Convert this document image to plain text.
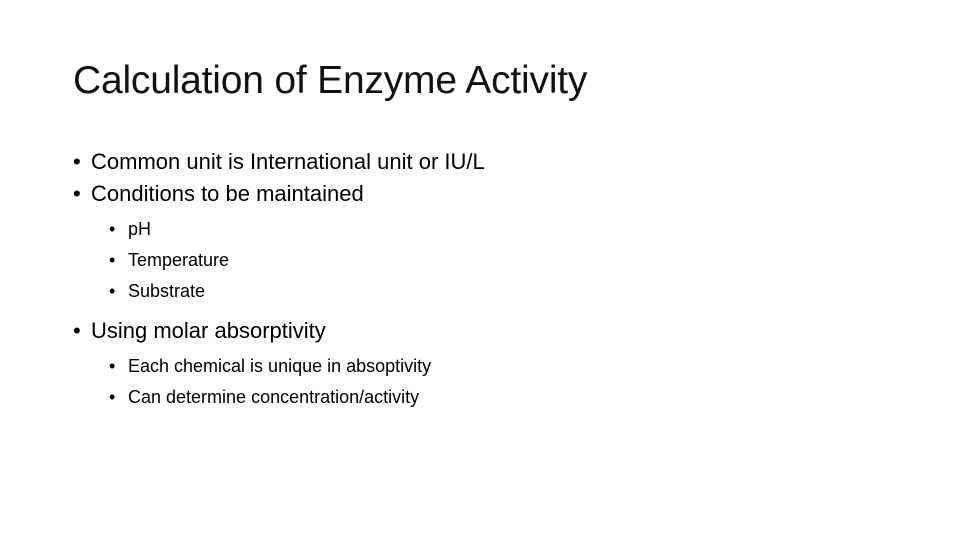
Calculation of Enzyme Activity

• Common unit is International unit or IU/L

• Conditions to be maintained

• pH

• Temperature

• Substrate

• Using molar absorptivity

• Each chemical is unique in absoptivity

• Can determine concentration/activity
